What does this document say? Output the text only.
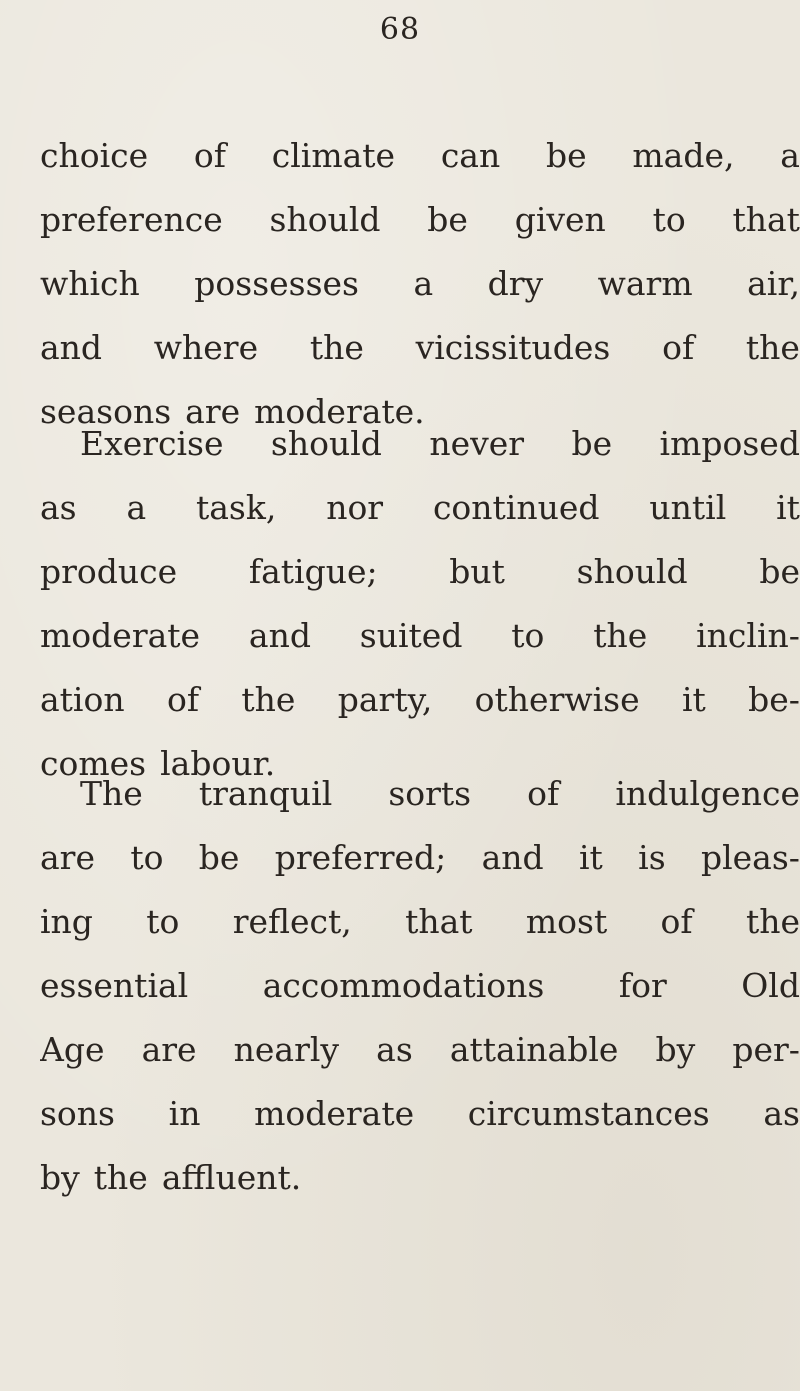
68
choice of climate can be made, a
preference should be given to that
which possesses a dry warm air,
and where the vicissitudes of the
seasons are moderate.
Exercise should never be imposed
as a task, nor continued until it
produce fatigue; but should be
moderate and suited to the inclin-
ation of the party, otherwise it be-
comes labour.
The tranquil sorts of indulgence
are to be preferred; and it is pleas-
ing to reflect, that most of the
essential accommodations for Old
Age are nearly as attainable by per-
sons in moderate circumstances as
by the affluent.
